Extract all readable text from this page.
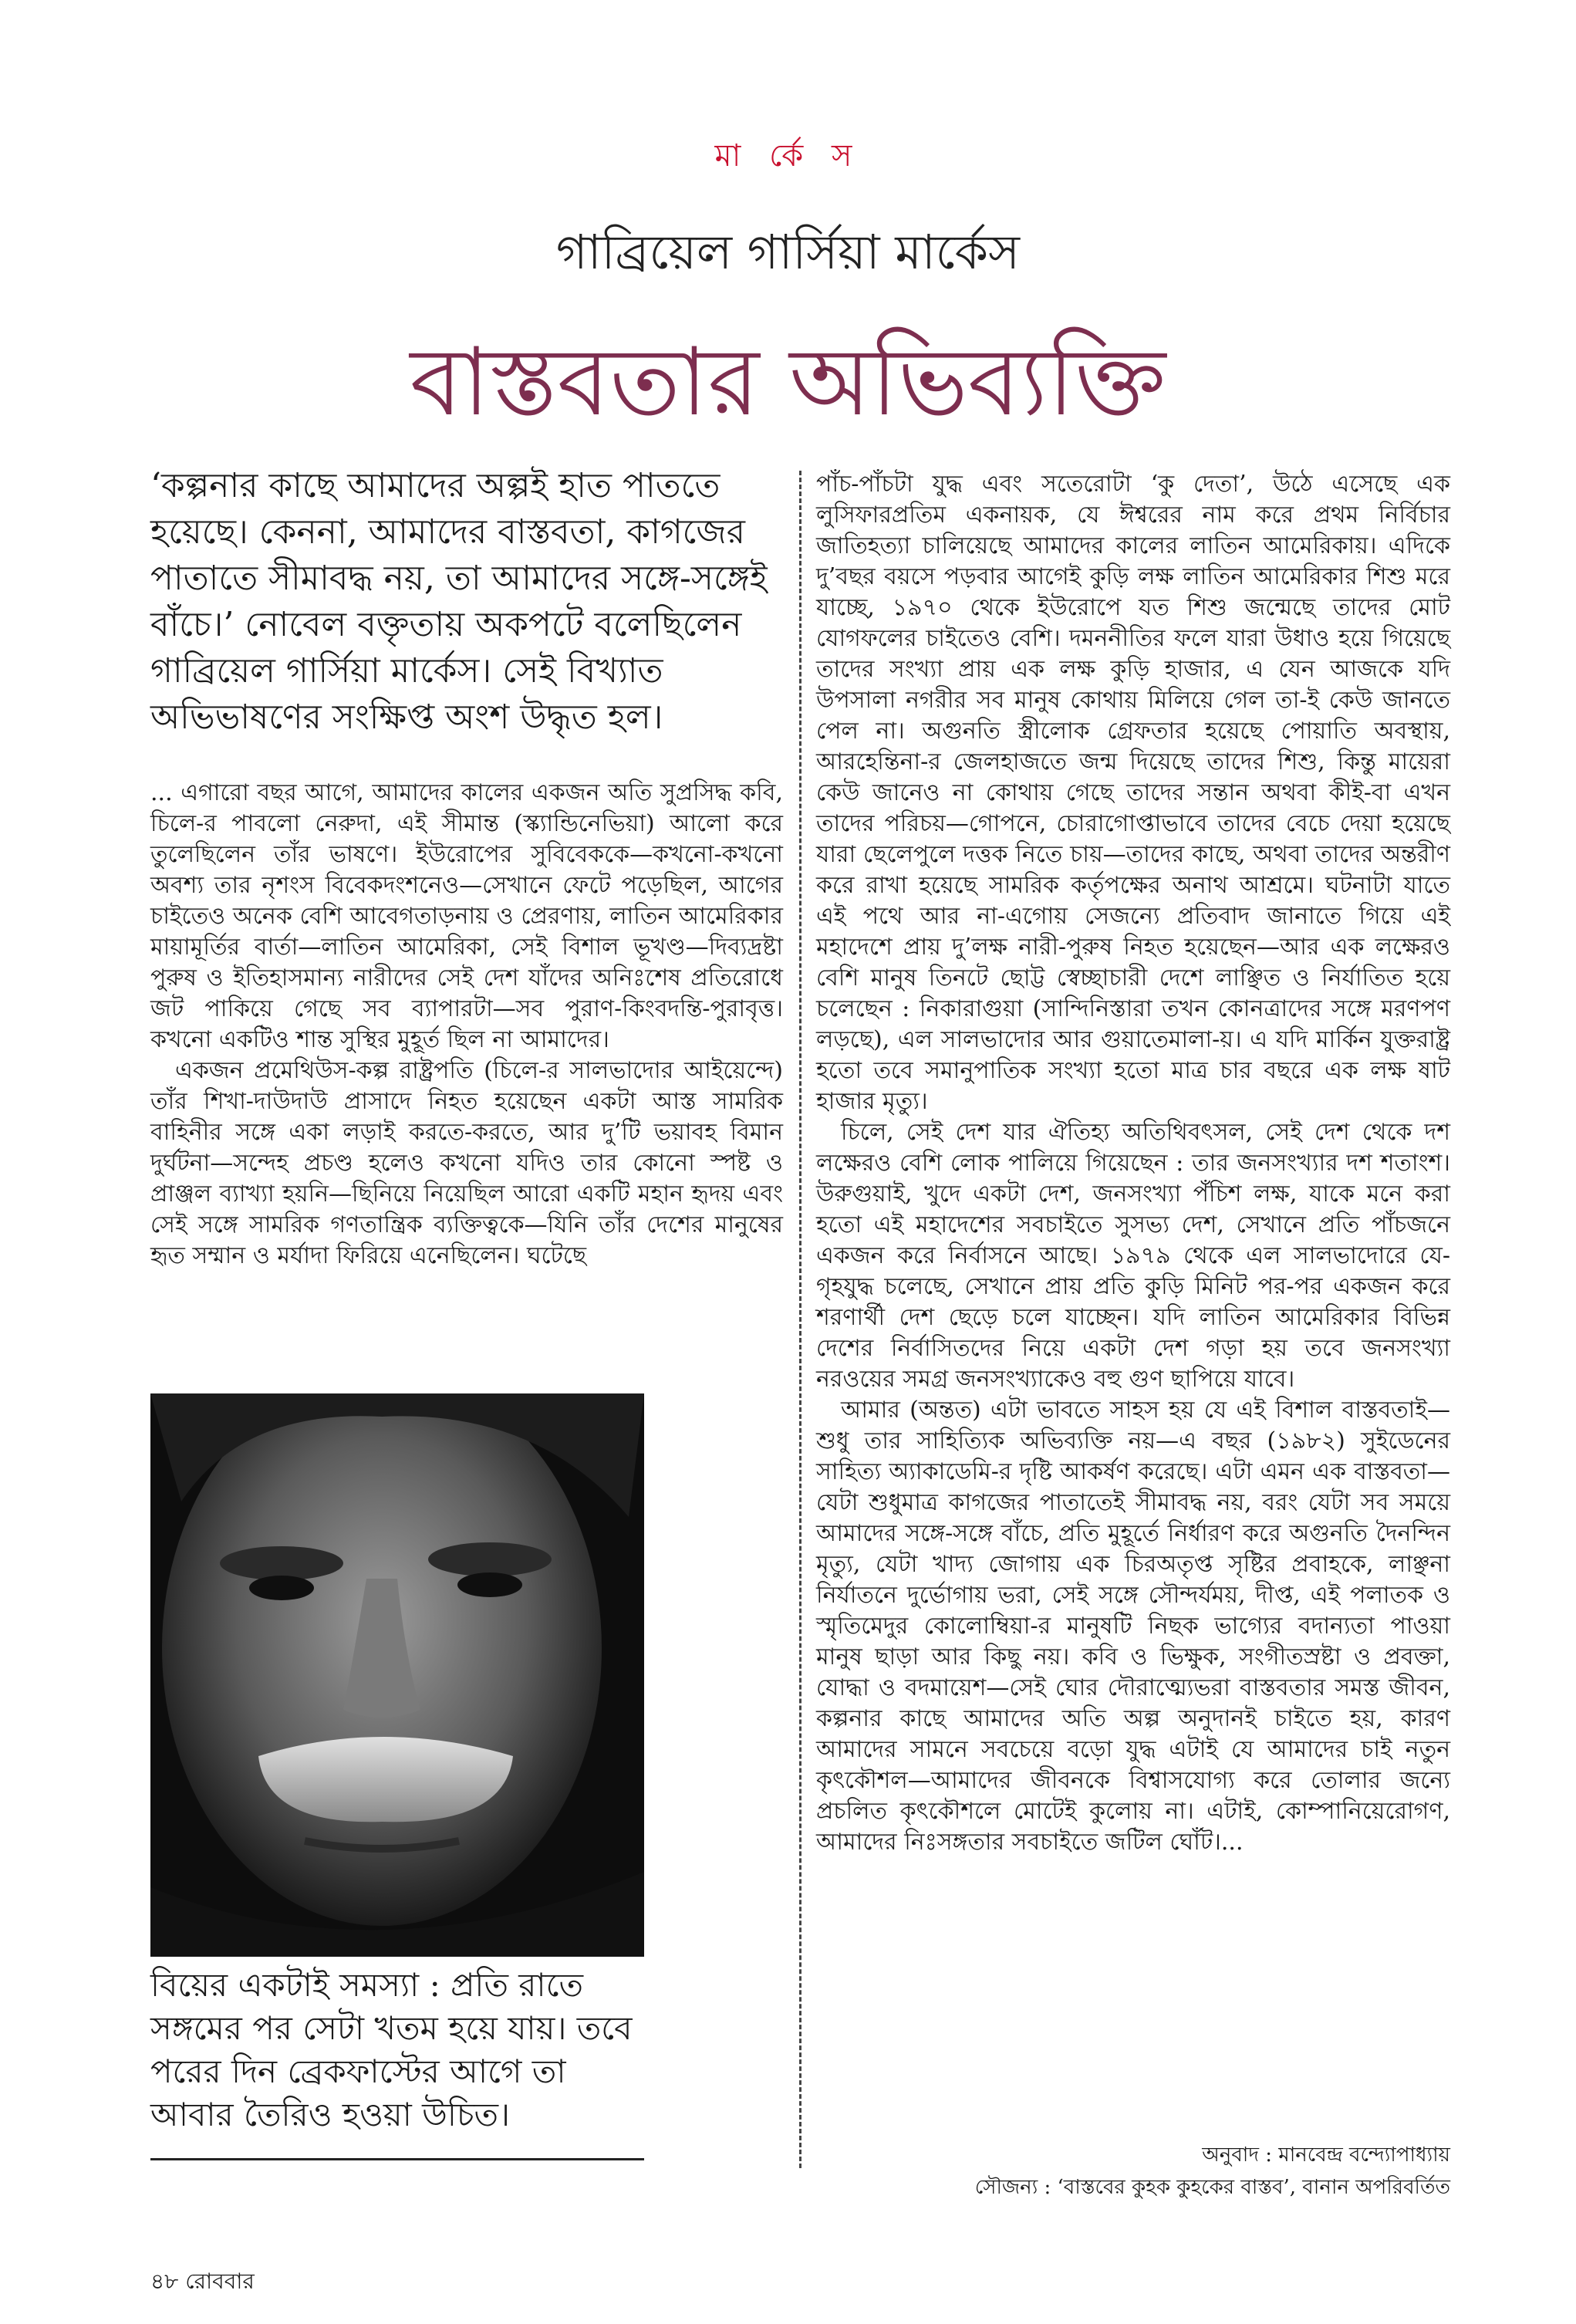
মা র্কে স
গাব্রিয়েল গার্সিয়া মার্কেস
বাস্তবতার অভিব্যক্তি
‘কল্পনার কাছে আমাদের অল্পই হাত পাততে হয়েছে। কেননা, আমাদের বাস্তবতা, কাগজের পাতাতে সীমাবদ্ধ নয়, তা আমাদের সঙ্গে-সঙ্গেই বাঁচে।’ নোবেল বক্তৃতায় অকপটে বলেছিলেন গাব্রিয়েল গার্সিয়া মার্কেস। সেই বিখ্যাত অভিভাষণের সংক্ষিপ্ত অংশ উদ্ধৃত হল।

... এগারো বছর আগে, আমাদের কালের একজন অতি সুপ্রসিদ্ধ কবি, চিলে-র পাবলো নেরুদা, এই সীমান্ত (স্ক্যান্ডিনেভিয়া) আলো করে তুলেছিলেন তাঁর ভাষণে। ইউরোপের সুবিবেককে—কখনো-কখনো অবশ্য তার নৃশংস বিবেকদংশনেও—সেখানে ফেটে পড়েছিল, আগের চাইতেও অনেক বেশি আবেগতাড়নায় ও প্রেরণায়, লাতিন আমেরিকার মায়ামূর্তির বার্তা—লাতিন আমেরিকা, সেই বিশাল ভূখণ্ড—দিব্যদ্রষ্টা পুরুষ ও ইতিহাসমান্য নারীদের সেই দেশ যাঁদের অনিঃশেষ প্রতিরোধে জট পাকিয়ে গেছে সব ব্যাপারটা—সব পুরাণ-কিংবদন্তি-পুরাবৃত্ত। কখনো একটিও শান্ত সুস্থির মুহূর্ত ছিল না আমাদের।

একজন প্রমেথিউস-কল্প রাষ্ট্রপতি (চিলে-র সালভাদোর আইয়েন্দে) তাঁর শিখা-দাউদাউ প্রাসাদে নিহত হয়েছেন একটা আস্ত সামরিক বাহিনীর সঙ্গে একা লড়াই করতে-করতে, আর দু’টি ভয়াবহ বিমান দুর্ঘটনা—সন্দেহ প্রচণ্ড হলেও কখনো যদিও তার কোনো স্পষ্ট ও প্রাঞ্জল ব্যাখ্যা হয়নি—ছিনিয়ে নিয়েছিল আরো একটি মহান হৃদয় এবং সেই সঙ্গে সামরিক গণতান্ত্রিক ব্যক্তিত্বকে—যিনি তাঁর দেশের মানুষের হৃত সম্মান ও মর্যাদা ফিরিয়ে এনেছিলেন। ঘটেছে

পাঁচ-পাঁচটা যুদ্ধ এবং সতেরোটা ‘কু দেতা’, উঠে এসেছে এক লুসিফারপ্রতিম একনায়ক, যে ঈশ্বরের নাম করে প্রথম নির্বিচার জাতিহত্যা চালিয়েছে আমাদের কালের লাতিন আমেরিকায়। এদিকে দু’বছর বয়সে পড়বার আগেই কুড়ি লক্ষ লাতিন আমেরিকার শিশু মরে যাচ্ছে, ১৯৭০ থেকে ইউরোপে যত শিশু জন্মেছে তাদের মোট যোগফলের চাইতেও বেশি। দমননীতির ফলে যারা উধাও হয়ে গিয়েছে তাদের সংখ্যা প্রায় এক লক্ষ কুড়ি হাজার, এ যেন আজকে যদি উপসালা নগরীর সব মানুষ কোথায় মিলিয়ে গেল তা-ই কেউ জানতে পেল না। অগুনতি স্ত্রীলোক গ্রেফতার হয়েছে পোয়াতি অবস্থায়, আরহেন্তিনা-র জেলহাজতে জন্ম দিয়েছে তাদের শিশু, কিন্তু মায়েরা কেউ জানেও না কোথায় গেছে তাদের সন্তান অথবা কীই-বা এখন তাদের পরিচয়—গোপনে, চোরাগোপ্তাভাবে তাদের বেচে দেয়া হয়েছে যারা ছেলেপুলে দত্তক নিতে চায়—তাদের কাছে, অথবা তাদের অন্তরীণ করে রাখা হয়েছে সামরিক কর্তৃপক্ষের অনাথ আশ্রমে। ঘটনাটা যাতে এই পথে আর না-এগোয় সেজন্যে প্রতিবাদ জানাতে গিয়ে এই মহাদেশে প্রায় দু’লক্ষ নারী-পুরুষ নিহত হয়েছেন—আর এক লক্ষেরও বেশি মানুষ তিনটে ছোট্ট স্বেচ্ছাচারী দেশে লাঞ্ছিত ও নির্যাতিত হয়ে চলেছেন : নিকারাগুয়া (সান্দিনিস্তারা তখন কোনত্রাদের সঙ্গে মরণপণ লড়ছে), এল সালভাদোর আর গুয়াতেমালা-য়। এ যদি মার্কিন যুক্তরাষ্ট্র হতো তবে সমানুপাতিক সংখ্যা হতো মাত্র চার বছরে এক লক্ষ ষাট হাজার মৃত্যু।

চিলে, সেই দেশ যার ঐতিহ্য অতিথিবৎসল, সেই দেশ থেকে দশ লক্ষেরও বেশি লোক পালিয়ে গিয়েছেন : তার জনসংখ্যার দশ শতাংশ। উরুগুয়াই, খুদে একটা দেশ, জনসংখ্যা পঁচিশ লক্ষ, যাকে মনে করা হতো এই মহাদেশের সবচাইতে সুসভ্য দেশ, সেখানে প্রতি পাঁচজনে একজন করে নির্বাসনে আছে। ১৯৭৯ থেকে এল সালভাদোরে যে-গৃহযুদ্ধ চলেছে, সেখানে প্রায় প্রতি কুড়ি মিনিট পর-পর একজন করে শরণার্থী দেশ ছেড়ে চলে যাচ্ছেন। যদি লাতিন আমেরিকার বিভিন্ন দেশের নির্বাসিতদের নিয়ে একটা দেশ গড়া হয় তবে জনসংখ্যা নরওয়ের সমগ্র জনসংখ্যাকেও বহু গুণ ছাপিয়ে যাবে।

আমার (অন্তত) এটা ভাবতে সাহস হয় যে এই বিশাল বাস্তবতাই—শুধু তার সাহিত্যিক অভিব্যক্তি নয়—এ বছর (১৯৮২) সুইডেনের সাহিত্য অ্যাকাডেমি-র দৃষ্টি আকর্ষণ করেছে। এটা এমন এক বাস্তবতা—যেটা শুধুমাত্র কাগজের পাতাতেই সীমাবদ্ধ নয়, বরং যেটা সব সময়ে আমাদের সঙ্গে-সঙ্গে বাঁচে, প্রতি মুহূর্তে নির্ধারণ করে অগুনতি দৈনন্দিন মৃত্যু, যেটা খাদ্য জোগায় এক চিরঅতৃপ্ত সৃষ্টির প্রবাহকে, লাঞ্ছনা নির্যাতনে দুর্ভোগায় ভরা, সেই সঙ্গে সৌন্দর্যময়, দীপ্ত, এই পলাতক ও স্মৃতিমেদুর কোলোম্বিয়া-র মানুষটি নিছক ভাগ্যের বদান্যতা পাওয়া মানুষ ছাড়া আর কিছু নয়। কবি ও ভিক্ষুক, সংগীতস্রষ্টা ও প্রবক্তা, যোদ্ধা ও বদমায়েশ—সেই ঘোর দৌরাত্ম্যেভরা বাস্তবতার সমস্ত জীবন, কল্পনার কাছে আমাদের অতি অল্প অনুদানই চাইতে হয়, কারণ আমাদের সামনে সবচেয়ে বড়ো যুদ্ধ এটাই যে আমাদের চাই নতুন কৃৎকৌশল—আমাদের জীবনকে বিশ্বাসযোগ্য করে তোলার জন্যে প্রচলিত কৃৎকৌশলে মোটেই কুলোয় না। এটাই, কোম্পানিয়েরোগণ, আমাদের নিঃসঙ্গতার সবচাইতে জটিল ঘোঁট।...

বিয়ের একটাই সমস্যা : প্রতি রাতে সঙ্গমের পর সেটা খতম হয়ে যায়। তবে পরের দিন ব্রেকফাস্টের আগে তা আবার তৈরিও হওয়া উচিত।
অনুবাদ : মানবেন্দ্র বন্দ্যোপাধ্যায়
সৌজন্য : ‘বাস্তবের কুহক কুহকের বাস্তব’, বানান অপরিবর্তিত
৪৮ রোববার
